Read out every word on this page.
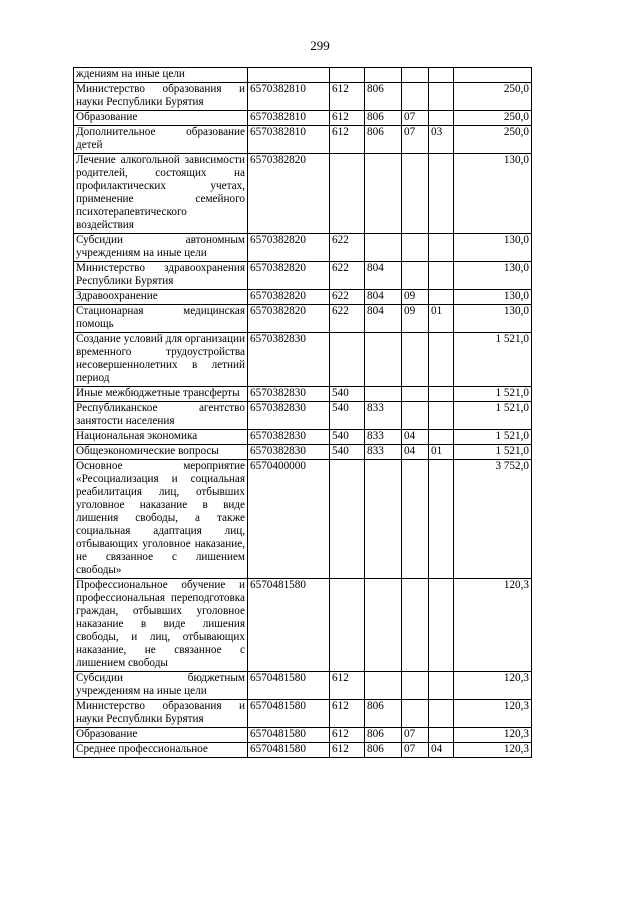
299
ждениям на иные цели						
Министерство образования и науки Республики Бурятия	6570382810	612	806			250,0
Образование	6570382810	612	806	07		250,0
Дополнительное образование детей	6570382810	612	806	07	03	250,0
Лечение алкогольной зависимости родителей, состоящих на профилактических учетах, применение семейного психотерапевтического воздействия	6570382820					130,0
Субсидии автономным учреждениям на иные цели	6570382820	622				130,0
Министерство здравоохранения Республики Бурятия	6570382820	622	804			130,0
Здравоохранение	6570382820	622	804	09		130,0
Стационарная медицинская помощь	6570382820	622	804	09	01	130,0
Создание условий для организации временного трудоустройства несовершеннолетних в летний период	6570382830					1 521,0
Иные межбюджетные трансферты	6570382830	540				1 521,0
Республиканское агентство занятости населения	6570382830	540	833			1 521,0
Национальная экономика	6570382830	540	833	04		1 521,0
Общеэкономические вопросы	6570382830	540	833	04	01	1 521,0
Основное мероприятие «Ресоциализация и социальная реабилитация лиц, отбывших уголовное наказание в виде лишения свободы, а также социальная адаптация лиц, отбывающих уголовное наказание, не связанное с лишением свободы»	6570400000					3 752,0
Профессиональное обучение и профессиональная переподготовка граждан, отбывших уголовное наказание в виде лишения свободы, и лиц, отбывающих наказание, не связанное с лишением свободы	6570481580					120,3
Субсидии бюджетным учреждениям на иные цели	6570481580	612				120,3
Министерство образования и науки Республики Бурятия	6570481580	612	806			120,3
Образование	6570481580	612	806	07		120,3
Среднее профессиональное	6570481580	612	806	07	04	120,3
